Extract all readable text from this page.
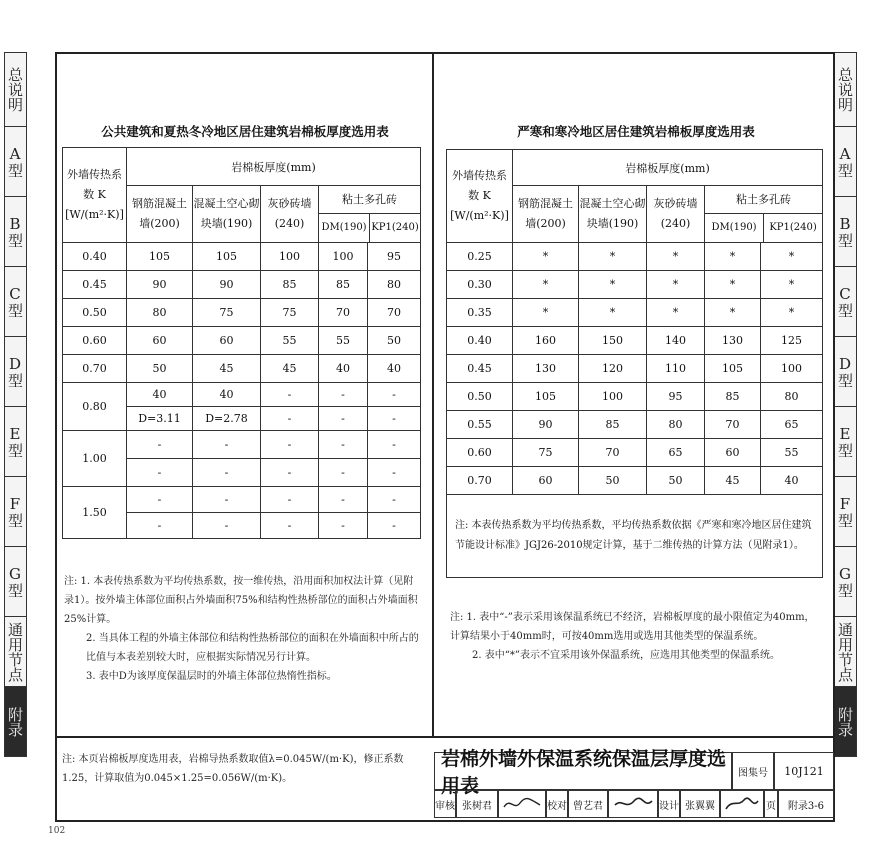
总说明
A型
B型
C型
D型
E型
F型
G型
通用节点
附录
总说明
A型
B型
C型
D型
E型
F型
G型
通用节点
附录
公共建筑和夏热冬冷地区居住建筑岩棉板厚度选用表
外墙传热系数 K [W/(m²·K)]	岩棉板厚度(mm)				
	钢筋混凝土墙(200)	混凝土空心砌块墙(190)	灰砂砖墙(240)	粘土多孔砖
DM(190) KP1(240)	

0.40	105	105	100	100	95
0.45	90	90	85	85	80
0.50	80	75	75	70	70
0.60	60	60	55	55	50
0.70	50	45	45	40	40
0.80	40	40	-	-	-
	D=3.11	D=2.78	-	-	-
1.00	-	-	-	-	-
	-	-	-	-	-
1.50	-	-	-	-	-
	-	-	-	-	-
注: 1. 本表传热系数为平均传热系数，按一维传热，沿用面积加权法计算（见附录1）。按外墙主体部位面积占外墙面积75%和结构性热桥部位的面积占外墙面积25%计算。
2. 当具体工程的外墙主体部位和结构性热桥部位的面积在外墙面积中所占的比值与本表差别较大时，应根据实际情况另行计算。
3. 表中D为该厚度保温层时的外墙主体部位热惰性指标。
严寒和寒冷地区居住建筑岩棉板厚度选用表
外墙传热系数 K [W/(m²·K)]	岩棉板厚度(mm)				
	钢筋混凝土墙(200)	混凝土空心砌块墙(190)	灰砂砖墙(240)	粘土多孔砖
DM(190) KP1(240)	

0.25	*	*	*	*	*
0.30	*	*	*	*	*
0.35	*	*	*	*	*
0.40	160	150	140	130	125
0.45	130	120	110	105	100
0.50	105	100	95	85	80
0.55	90	85	80	70	65
0.60	75	70	65	60	55
0.70	60	50	50	45	40
注: 本表传热系数为平均传热系数，平均传热系数依据《严寒和寒冷地区居住建筑节能设计标准》JGJ26-2010规定计算，基于二维传热的计算方法（见附录1）。					
注: 1. 表中“-”表示采用该保温系统已不经济，岩棉板厚度的最小限值定为40mm，计算结果小于40mm时，可按40mm选用或选用其他类型的保温系统。
2. 表中“*”表示不宜采用该外保温系统，应选用其他类型的保温系统。
注: 本页岩棉板厚度选用表，岩棉导热系数取值λ=0.045W/(m·K)，修正系数1.25，计算取值为0.045×1.25=0.056W/(m·K)。
岩棉外墙外保温系统保温层厚度选用表
图集号	10J121
审核 张树君	校对 曾艺君	设计 张翼翼	页	附录3-6
102
